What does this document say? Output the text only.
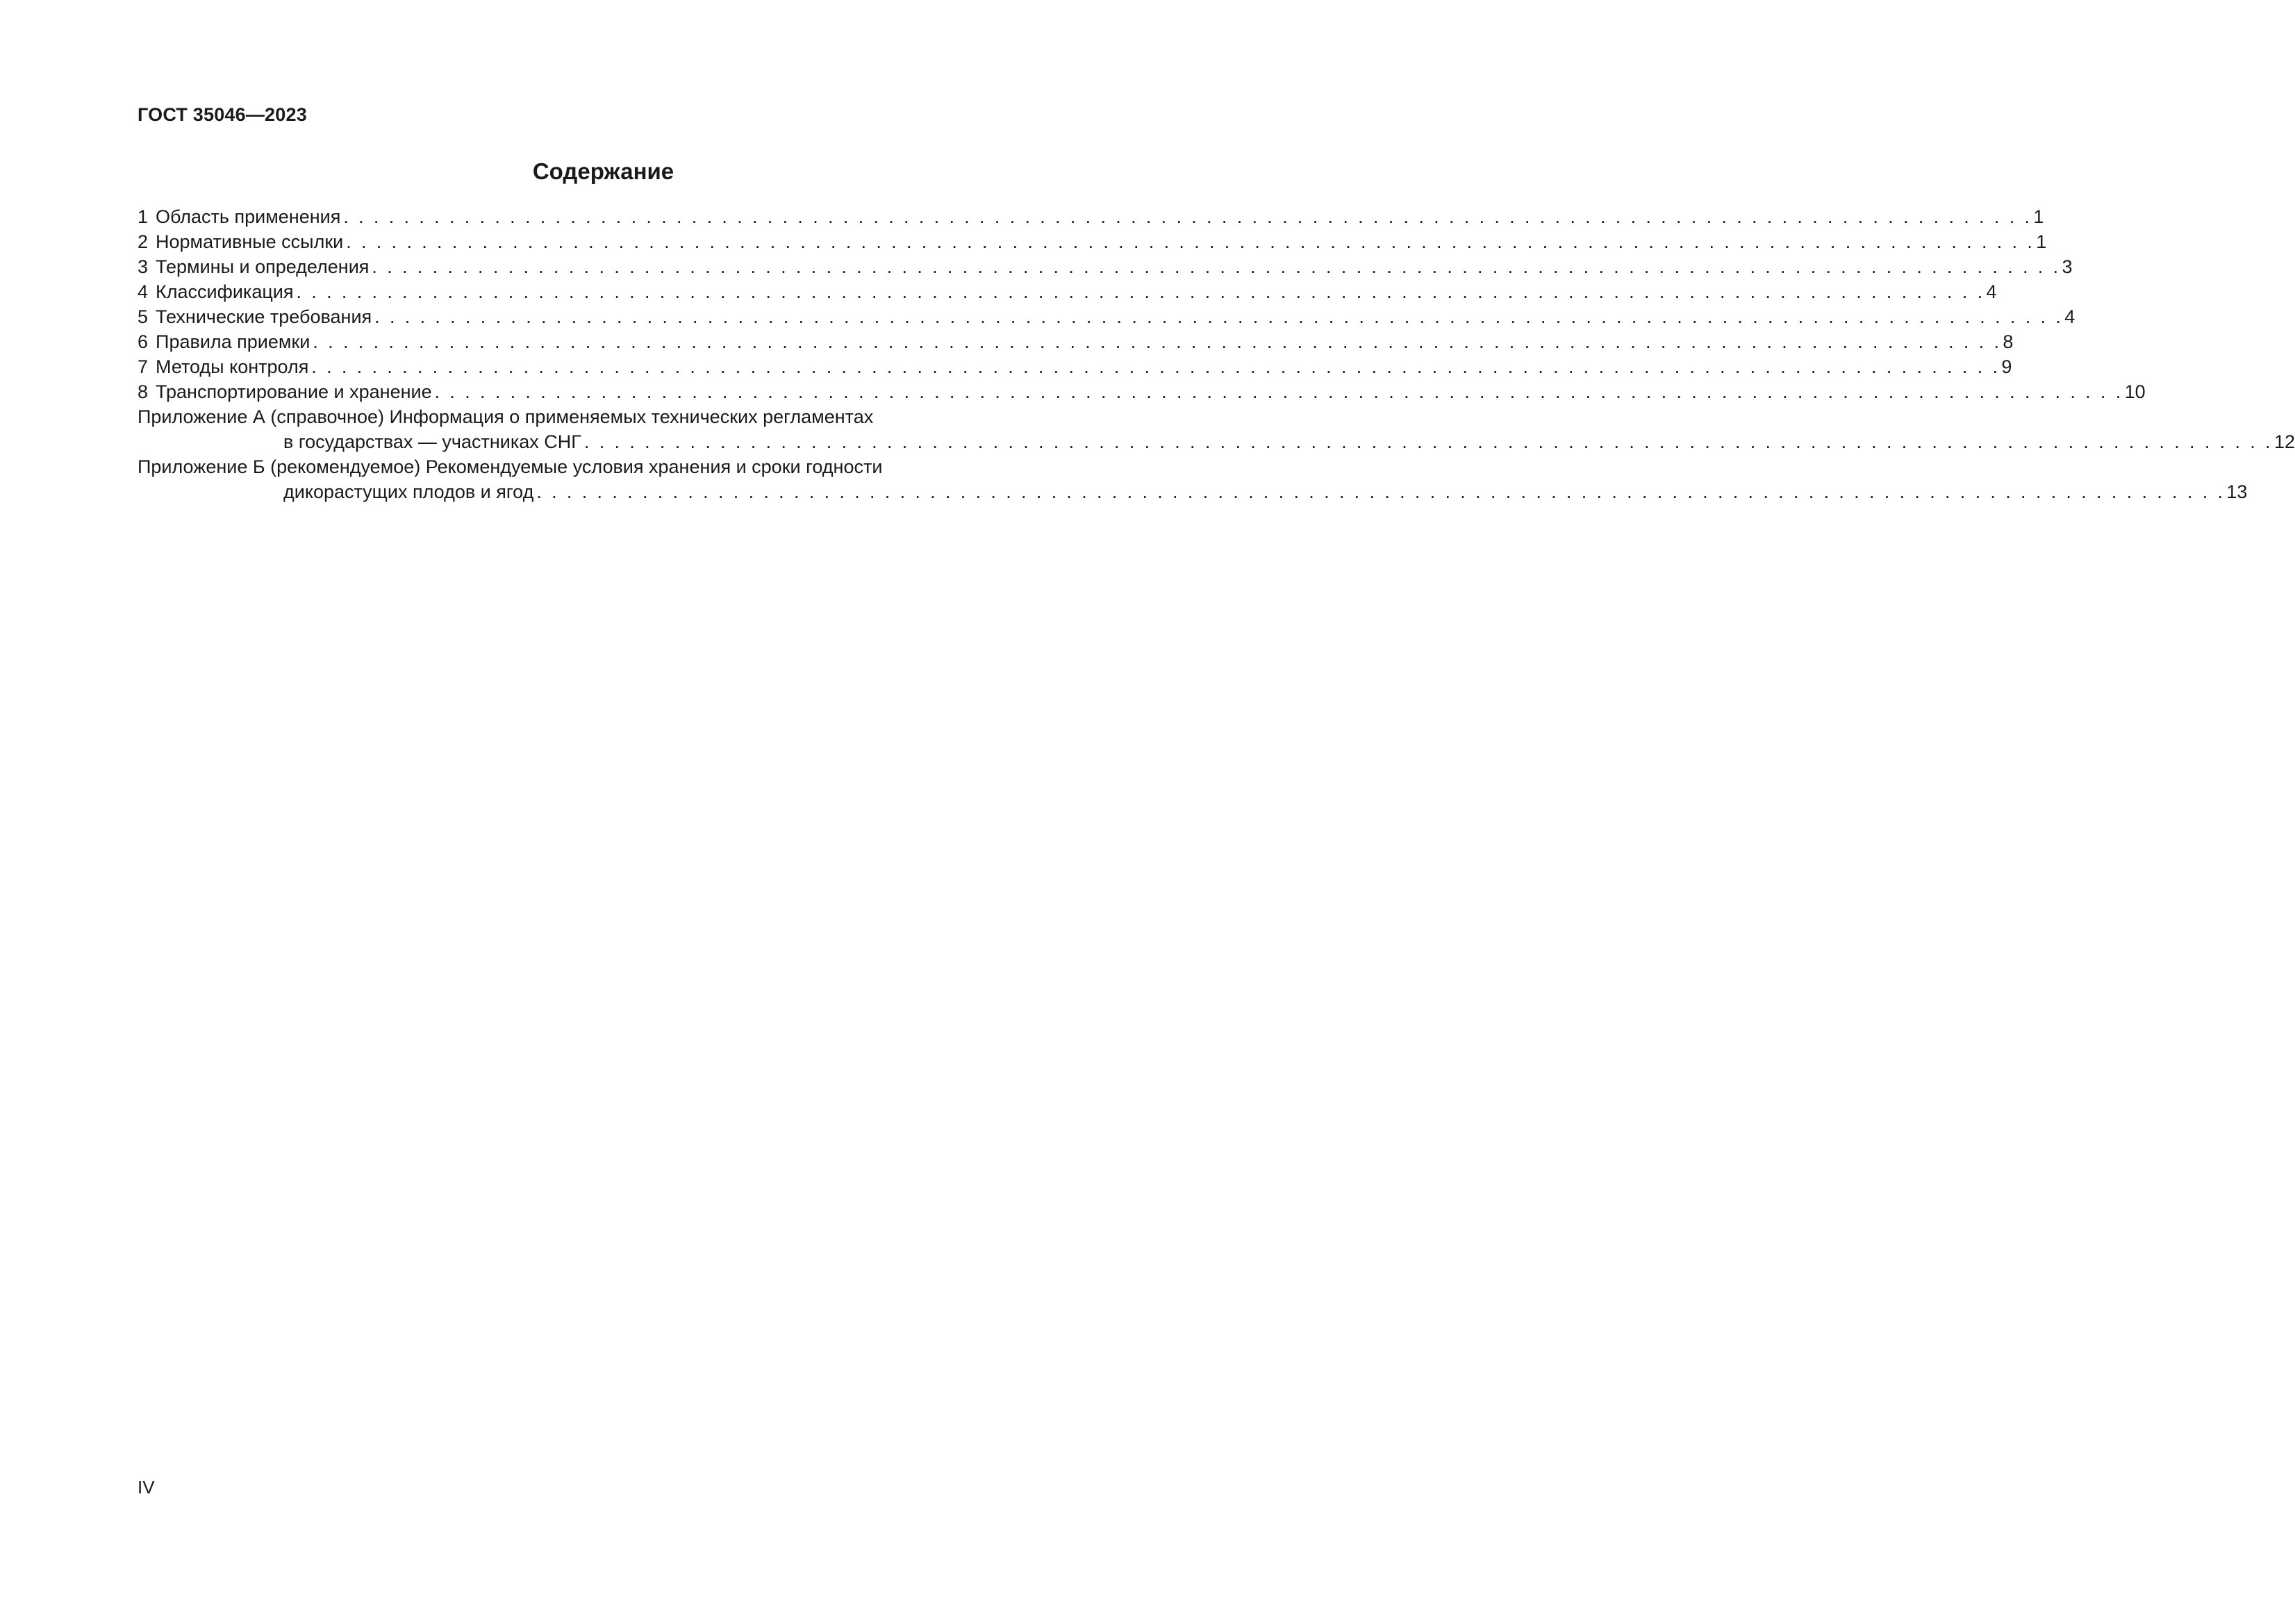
ГОСТ 35046—2023
Содержание
1 Область применения . . . . . . . . . . . . . . . . . . . . . . . . . . . . . . . . . . . . . . . . . . . . . . . . . . . . . . . . . . . . . . . . . . . . . . . . . . . . . . . . . . . . . . . . . . . . . . . . . . . . . . . . . . . . . . . . 1
2 Нормативные ссылки . . . . . . . . . . . . . . . . . . . . . . . . . . . . . . . . . . . . . . . . . . . . . . . . . . . . . . . . . . . . . . . . . . . . . . . . . . . . . . . . . . . . . . . . . . . . . . . . . . . . . . . . . . . . . . . . 1
3 Термины и определения . . . . . . . . . . . . . . . . . . . . . . . . . . . . . . . . . . . . . . . . . . . . . . . . . . . . . . . . . . . . . . . . . . . . . . . . . . . . . . . . . . . . . . . . . . . . . . . . . . . . . . . . . . . . . . . . 3
4 Классификация . . . . . . . . . . . . . . . . . . . . . . . . . . . . . . . . . . . . . . . . . . . . . . . . . . . . . . . . . . . . . . . . . . . . . . . . . . . . . . . . . . . . . . . . . . . . . . . . . . . . . . . . . . . . . . . . 4
5 Технические требования . . . . . . . . . . . . . . . . . . . . . . . . . . . . . . . . . . . . . . . . . . . . . . . . . . . . . . . . . . . . . . . . . . . . . . . . . . . . . . . . . . . . . . . . . . . . . . . . . . . . . . . . . . . . . . . . 4
6 Правила приемки . . . . . . . . . . . . . . . . . . . . . . . . . . . . . . . . . . . . . . . . . . . . . . . . . . . . . . . . . . . . . . . . . . . . . . . . . . . . . . . . . . . . . . . . . . . . . . . . . . . . . . . . . . . . . . . . 8
7 Методы контроля . . . . . . . . . . . . . . . . . . . . . . . . . . . . . . . . . . . . . . . . . . . . . . . . . . . . . . . . . . . . . . . . . . . . . . . . . . . . . . . . . . . . . . . . . . . . . . . . . . . . . . . . . . . . . . . . 9
8 Транспортирование и хранение . . . . . . . . . . . . . . . . . . . . . . . . . . . . . . . . . . . . . . . . . . . . . . . . . . . . . . . . . . . . . . . . . . . . . . . . . . . . . . . . . . . . . . . . . . . . . . . . . . . . . . . . . . . . . . . . 10
Приложение А (справочное) Информация о применяемых технических регламентах
в государствах — участниках СНГ . . . . . . . . . . . . . . . . . . . . . . . . . . . . . . . . . . . . . . . . . . . . . . . . . . . . . . . . . . . . . . . . . . . . . . . . . . . . . . . . . . . . . . . . . . . . . . . . . . . . . . . . . . . . . . . . 12
Приложение Б (рекомендуемое) Рекомендуемые условия хранения и сроки годности
дикорастущих плодов и ягод . . . . . . . . . . . . . . . . . . . . . . . . . . . . . . . . . . . . . . . . . . . . . . . . . . . . . . . . . . . . . . . . . . . . . . . . . . . . . . . . . . . . . . . . . . . . . . . . . . . . . . . . . . . . . . . . 13
IV
